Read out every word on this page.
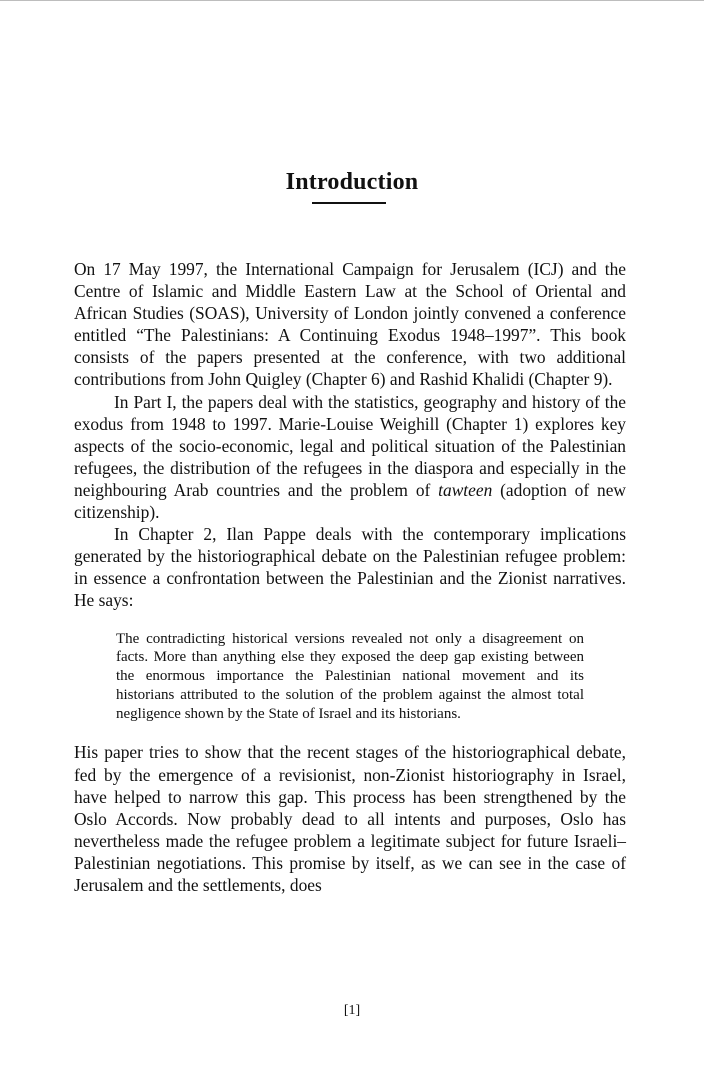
Introduction

On 17 May 1997, the International Campaign for Jerusalem (ICJ) and the Centre of Islamic and Middle Eastern Law at the School of Oriental and African Studies (SOAS), University of London jointly convened a conference entitled “The Palestinians: A Continuing Exodus 1948–1997”. This book consists of the papers presented at the conference, with two additional contributions from John Quigley (Chapter 6) and Rashid Khalidi (Chapter 9).

In Part I, the papers deal with the statistics, geography and history of the exodus from 1948 to 1997. Marie-Louise Weighill (Chapter 1) explores key aspects of the socio-economic, legal and political situation of the Palestinian refugees, the distribution of the refugees in the diaspora and especially in the neighbouring Arab countries and the problem of tawteen (adoption of new citizenship).

In Chapter 2, Ilan Pappe deals with the contemporary implications generated by the historiographical debate on the Palestinian refugee problem: in essence a confrontation between the Palestinian and the Zionist narratives. He says:

The contradicting historical versions revealed not only a disagreement on facts. More than anything else they exposed the deep gap existing between the enormous importance the Palestinian national movement and its historians attributed to the solution of the problem against the almost total negligence shown by the State of Israel and its historians.

His paper tries to show that the recent stages of the historiographical debate, fed by the emergence of a revisionist, non-Zionist historiography in Israel, have helped to narrow this gap. This process has been strengthened by the Oslo Accords. Now probably dead to all intents and purposes, Oslo has nevertheless made the refugee problem a legitimate subject for future Israeli–Palestinian negotiations. This promise by itself, as we can see in the case of Jerusalem and the settlements, does

[1]
